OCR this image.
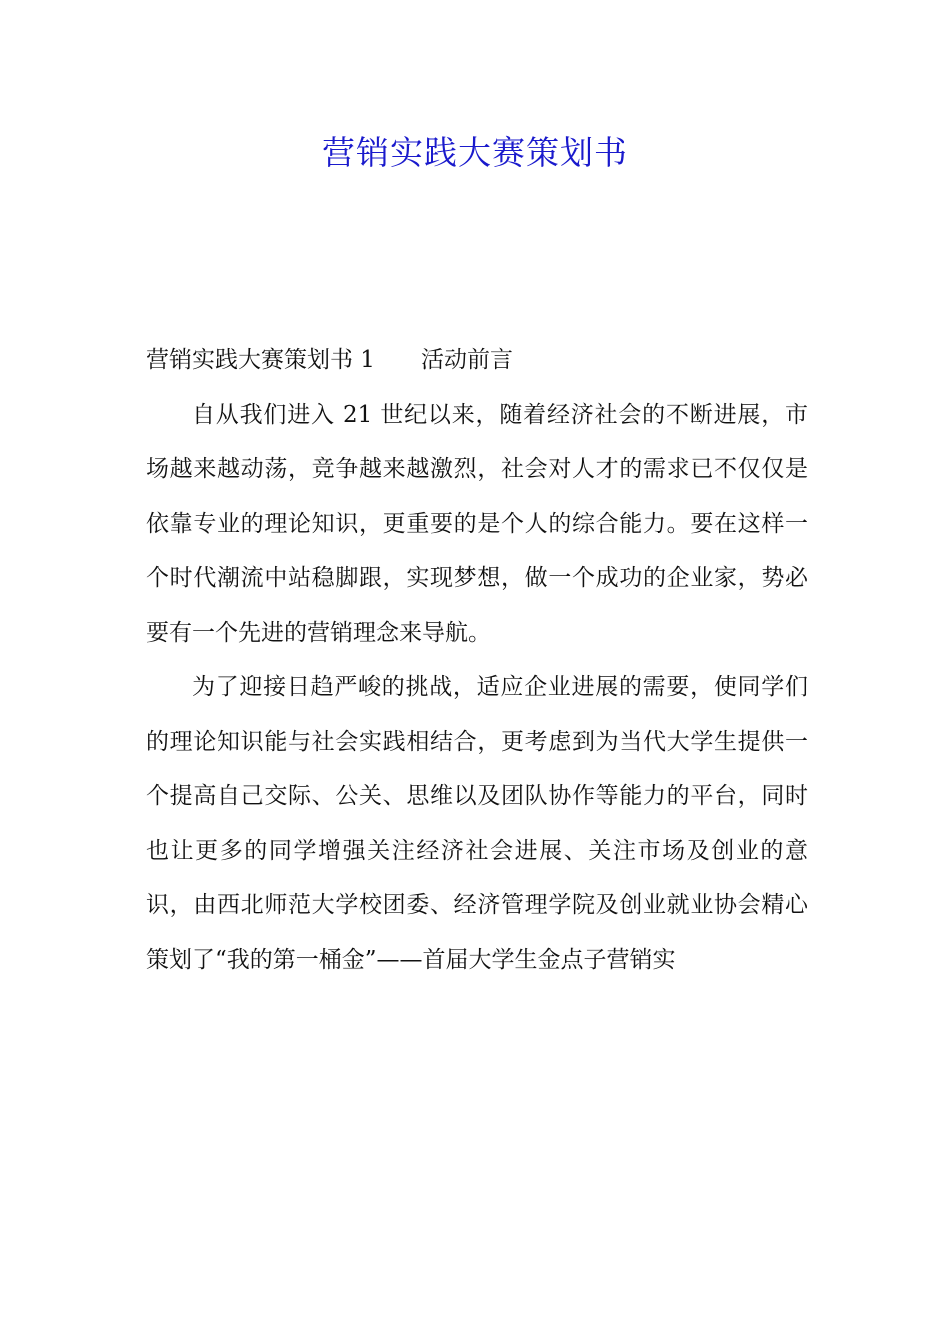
营销实践大赛策划书

营销实践大赛策划书 1　　活动前言

自从我们进入 21 世纪以来，随着经济社会的不断进展，市场越来越动荡，竞争越来越激烈，社会对人才的需求已不仅仅是依靠专业的理论知识，更重要的是个人的综合能力。要在这样一个时代潮流中站稳脚跟，实现梦想，做一个成功的企业家，势必要有一个先进的营销理念来导航。

为了迎接日趋严峻的挑战，适应企业进展的需要，使同学们的理论知识能与社会实践相结合，更考虑到为当代大学生提供一个提高自己交际、公关、思维以及团队协作等能力的平台，同时也让更多的同学增强关注经济社会进展、关注市场及创业的意识，由西北师范大学校团委、经济管理学院及创业就业协会精心策划了“我的第一桶金”——首届大学生金点子营销实
